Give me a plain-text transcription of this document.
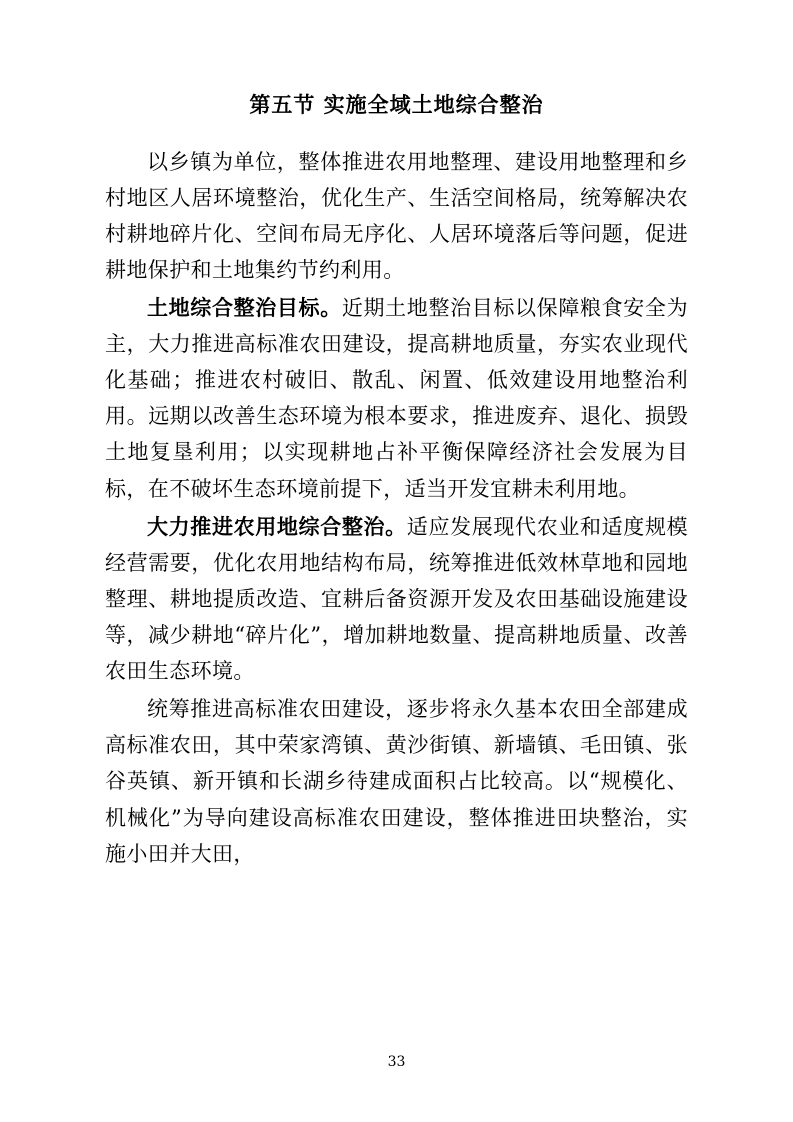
第五节 实施全域土地综合整治

以乡镇为单位，整体推进农用地整理、建设用地整理和乡村地区人居环境整治，优化生产、生活空间格局，统筹解决农村耕地碎片化、空间布局无序化、人居环境落后等问题，促进耕地保护和土地集约节约利用。

土地综合整治目标。近期土地整治目标以保障粮食安全为主，大力推进高标准农田建设，提高耕地质量，夯实农业现代化基础；推进农村破旧、散乱、闲置、低效建设用地整治利用。远期以改善生态环境为根本要求，推进废弃、退化、损毁土地复垦利用；以实现耕地占补平衡保障经济社会发展为目标，在不破坏生态环境前提下，适当开发宜耕未利用地。

大力推进农用地综合整治。适应发展现代农业和适度规模经营需要，优化农用地结构布局，统筹推进低效林草地和园地整理、耕地提质改造、宜耕后备资源开发及农田基础设施建设等，减少耕地“碎片化”，增加耕地数量、提高耕地质量、改善农田生态环境。

统筹推进高标准农田建设，逐步将永久基本农田全部建成高标准农田，其中荣家湾镇、黄沙街镇、新墙镇、毛田镇、张谷英镇、新开镇和长湖乡待建成面积占比较高。以“规模化、机械化”为导向建设高标准农田建设，整体推进田块整治，实施小田并大田，

33
